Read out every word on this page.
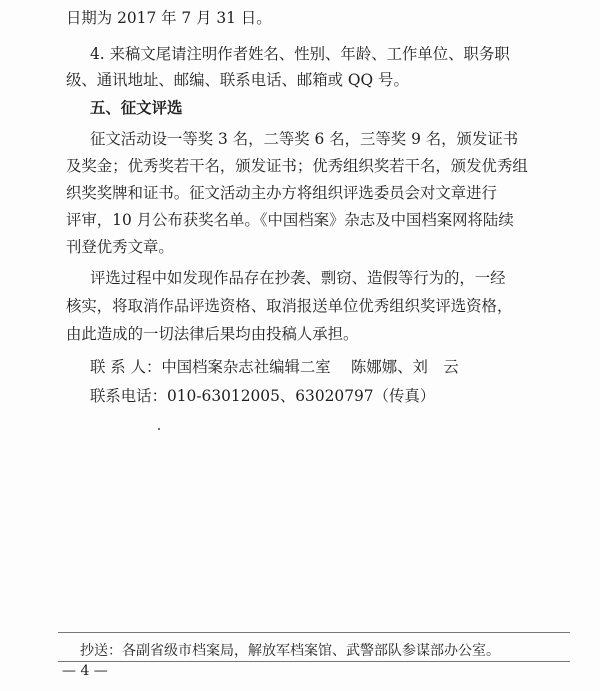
日期为 2017 年 7 月 31 日。
4. 来稿文尾请注明作者姓名、性别、年龄、工作单位、职务职
级、通讯地址、邮编、联系电话、邮箱或 QQ 号。
五、征文评选
征文活动设一等奖 3 名，二等奖 6 名，三等奖 9 名，颁发证书
及奖金；优秀奖若干名，颁发证书；优秀组织奖若干名，颁发优秀组
织奖奖牌和证书。征文活动主办方将组织评选委员会对文章进行
评审，10 月公布获奖名单。《中国档案》杂志及中国档案网将陆续
刊登优秀文章。
评选过程中如发现作品存在抄袭、剽窃、造假等行为的，一经
核实，将取消作品评选资格、取消报送单位优秀组织奖评选资格，
由此造成的一切法律后果均由投稿人承担。
联 系 人：中国档案杂志社编辑二室　 陈娜娜、刘　云
联系电话：010-63012005、63020797（传真）
抄送：各副省级市档案局，解放军档案馆、武警部队参谋部办公室。
— 4 —
